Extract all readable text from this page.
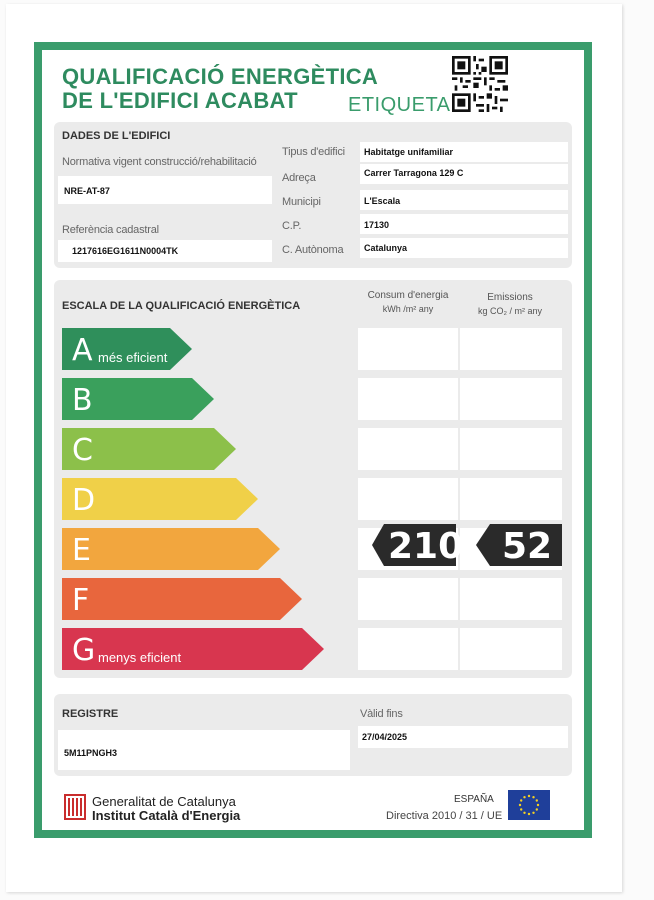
QUALIFICACIÓ ENERGÈTICA
DE L'EDIFICI ACABAT	ETIQUETA
DADES DE L'EDIFICI
Normativa vigent construcció/rehabilitació
NRE-AT-87
Referència cadastral
1217616EG1611N0004TK
Tipus d'edifici
Adreça
Municipi
C.P.
C. Autònoma
Habitatge unifamiliar
Carrer Tarragona 129 C
L'Escala
17130
Catalunya
ESCALA DE LA QUALIFICACIÓ ENERGÈTICA
Consum d'energia
kWh /m² any
Emissions
kg CO₂ / m² any
A més eficient
B
C
D
E
F
G menys eficient
210 52
REGISTRE
5M11PNGH3
Vàlid fins
27/04/2025
Generalitat de Catalunya
Institut Català d'Energia
ESPAÑA
Directiva 2010 / 31 / UE
